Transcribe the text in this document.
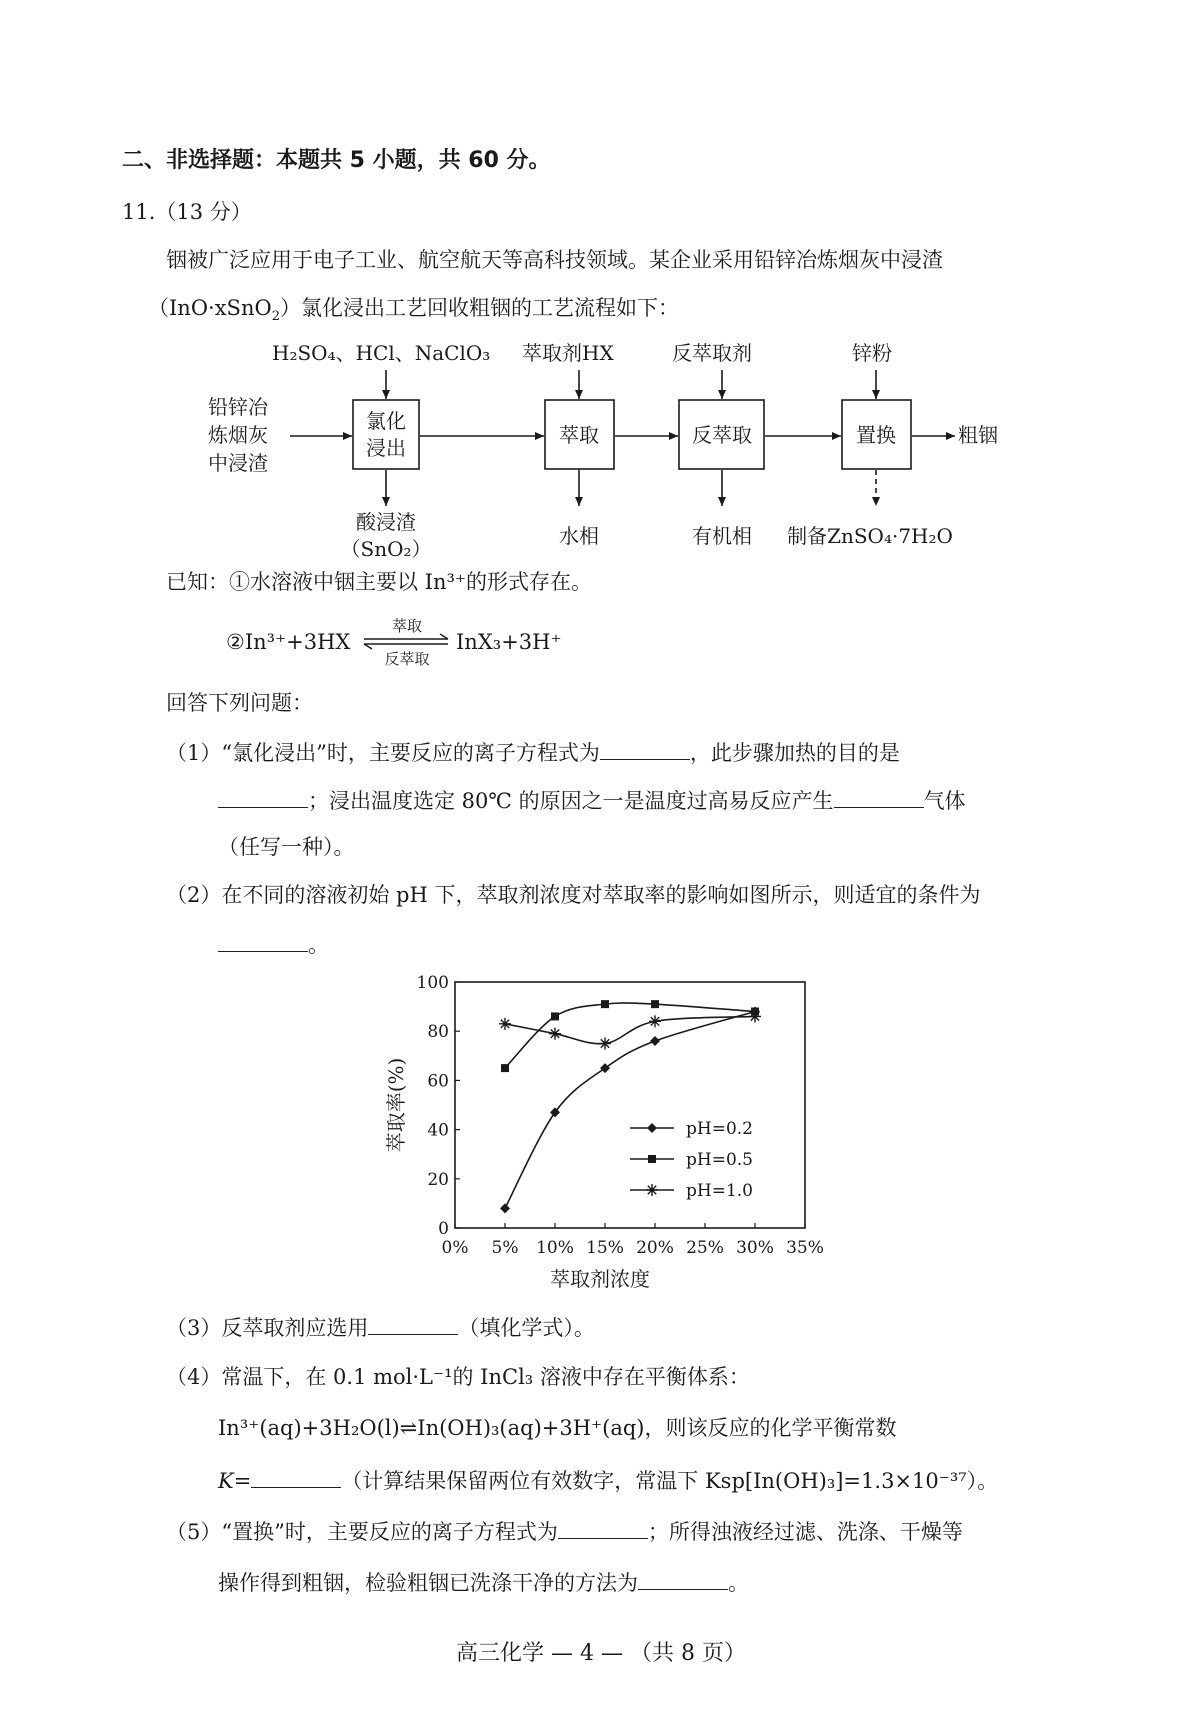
二、非选择题：本题共 5 小题，共 60 分。
11.（13 分）
铟被广泛应用于电子工业、航空航天等高科技领域。某企业采用铅锌冶炼烟灰中浸渣
（InO·xSnO$_2$）氯化浸出工艺回收粗铟的工艺流程如下：
H₂SO₄、HCl、NaClO₃ 萃取剂HX	反萃取剂	锌粉
铅锌冶
炼烟灰
中浸渣
氯化
浸出
萃取	反萃取	置换	粗铟
酸浸渣
（SnO₂）
水相	有机相 制备ZnSO₄·7H₂O
已知：①水溶液中铟主要以 In³⁺的形式存在。
②In³⁺+3HX
萃取
反萃取
InX₃+3H⁺
回答下列问题：
（1）“氯化浸出”时，主要反应的离子方程式为	，此步骤加热的目的是
；浸出温度选定 80℃ 的原因之一是温度过高易反应产生	气体
（任写一种）。
（2）在不同的溶液初始 pH 下，萃取剂浓度对萃取率的影响如图所示，则适宜的条件为
。
0
20
40
60
80
100
0% 5% 10% 15% 20% 25% 30% 35%
萃取剂浓度
萃取率(%)	pH=0.2
pH=0.5
pH=1.0
（3）反萃取剂应选用	（填化学式）。
（4）常温下，在 0.1 mol·L⁻¹的 InCl₃ 溶液中存在平衡体系：
In³⁺(aq)+3H₂O(l)⇌In(OH)₃(aq)+3H⁺(aq)，则该反应的化学平衡常数
K=	（计算结果保留两位有效数字，常温下 Ksp[In(OH)₃]=1.3×10⁻³⁷）。
（5）“置换”时，主要反应的离子方程式为	；所得浊液经过滤、洗涤、干燥等
操作得到粗铟，检验粗铟已洗涤干净的方法为	。
高三化学 — 4 — （共 8 页）
